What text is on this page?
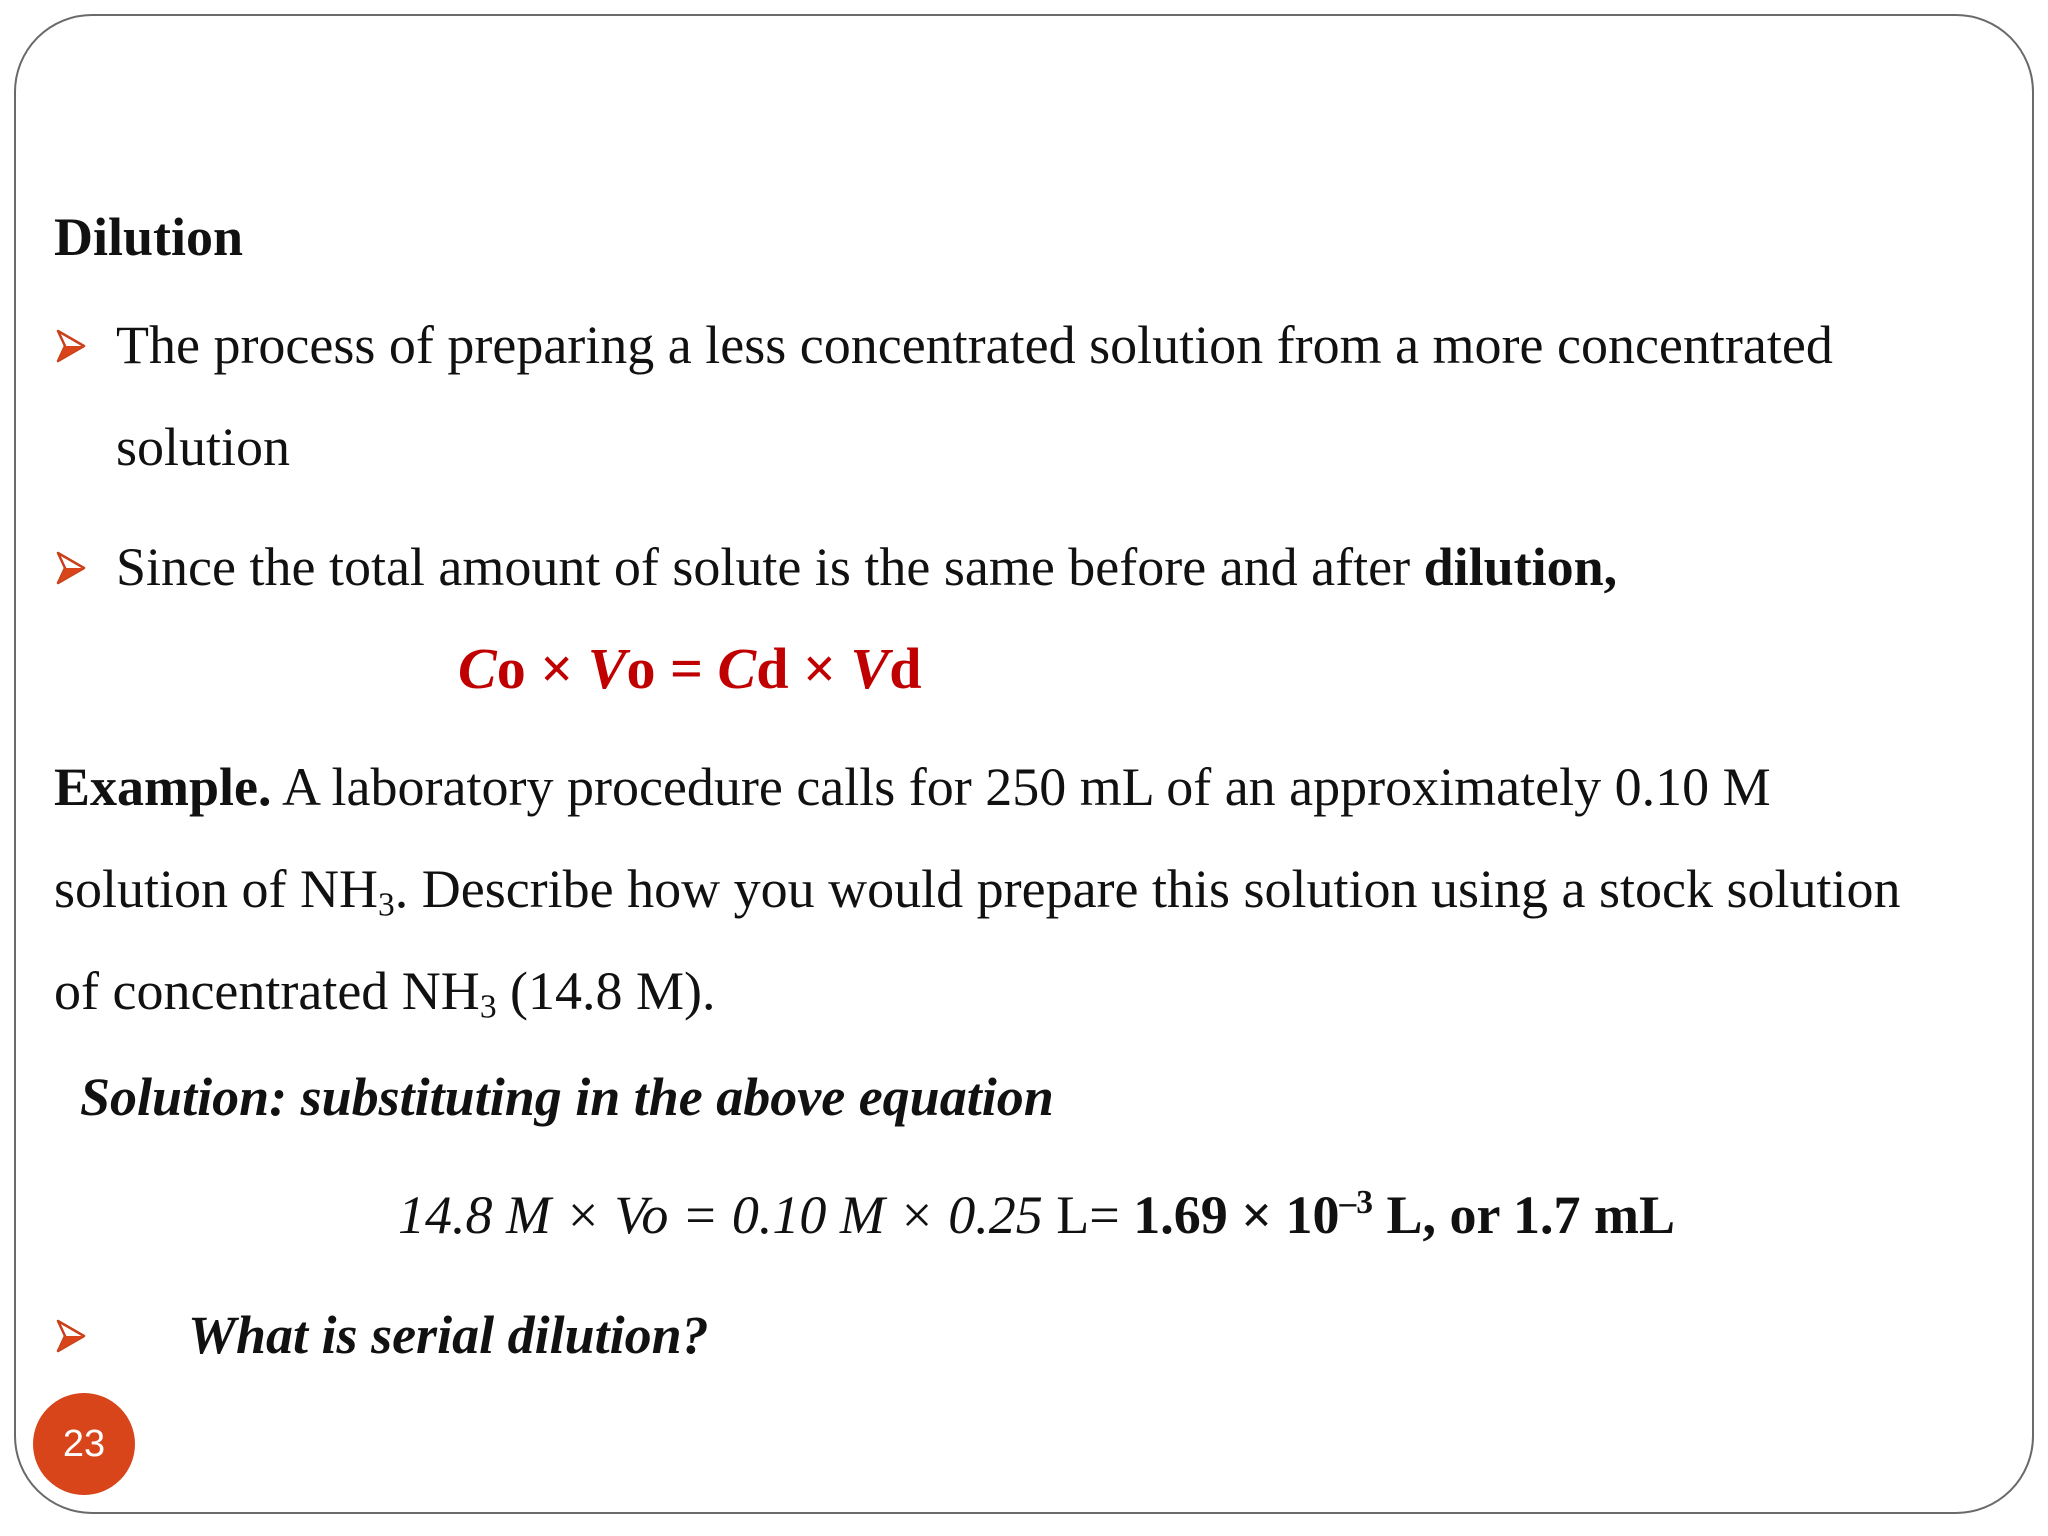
Dilution
The process of preparing a less concentrated solution from a more concentrated
solution
Since the total amount of solute is the same before and after dilution,
Co × Vo = Cd × Vd
Example. A laboratory procedure calls for 250 mL of an approximately 0.10 M
solution of $NH_3$. Describe how you would prepare this solution using a stock solution
of concentrated $NH_3$ (14.8 M).
Solution: substituting in the above equation
14.8 M × Vo = 0.10 M × 0.25 $L= 1.69 \times 10^{-3}$ L, or 1.7 mL
What is serial dilution?
23
